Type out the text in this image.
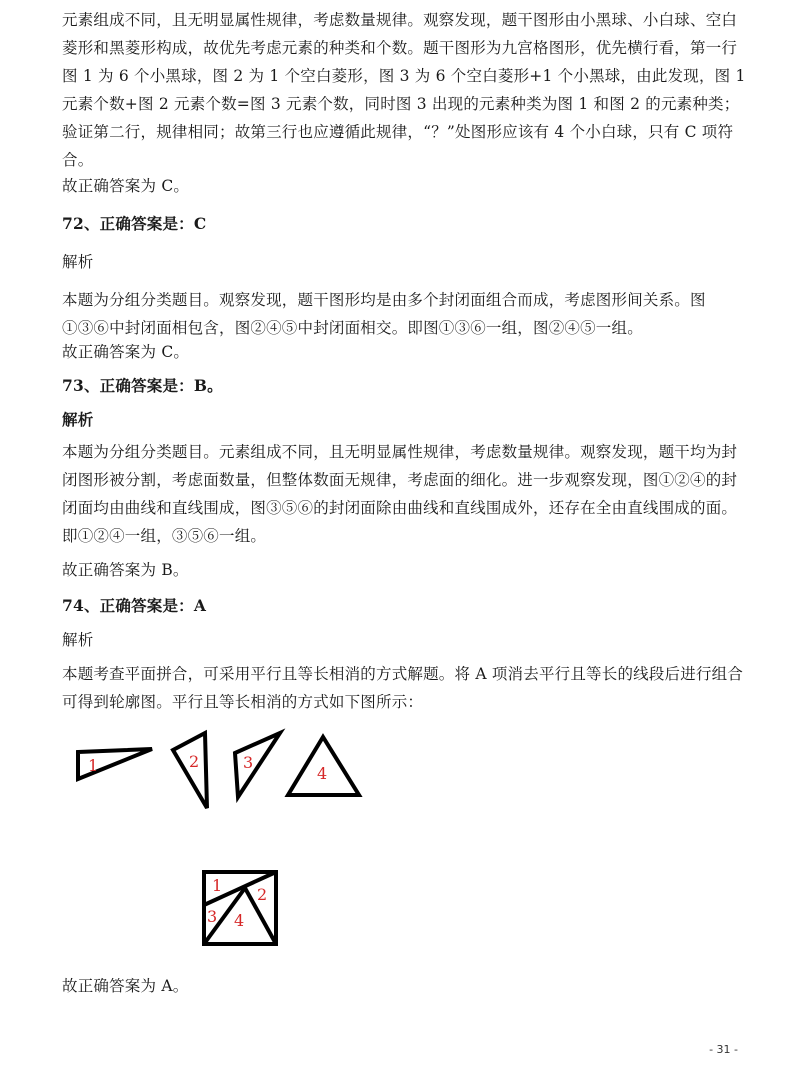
元素组成不同，且无明显属性规律，考虑数量规律。观察发现，题干图形由小黑球、小白球、空白菱形和黑菱形构成，故优先考虑元素的种类和个数。题干图形为九宫格图形，优先横行看，第一行图 1 为 6 个小黑球，图 2 为 1 个空白菱形，图 3 为 6 个空白菱形+1 个小黑球，由此发现，图 1 元素个数+图 2 元素个数=图 3 元素个数，同时图 3 出现的元素种类为图 1 和图 2 的元素种类；验证第二行，规律相同；故第三行也应遵循此规律，“？”处图形应该有 4 个小白球，只有 C 项符合。

故正确答案为 C。

72、正确答案是：C

解析

本题为分组分类题目。观察发现，题干图形均是由多个封闭面组合而成，考虑图形间关系。图①③⑥中封闭面相包含，图②④⑤中封闭面相交。即图①③⑥一组，图②④⑤一组。

故正确答案为 C。

73、正确答案是：B。

解析

本题为分组分类题目。元素组成不同，且无明显属性规律，考虑数量规律。观察发现，题干均为封闭图形被分割，考虑面数量，但整体数面无规律，考虑面的细化。进一步观察发现，图①②④的封闭面均由曲线和直线围成，图③⑤⑥的封闭面除由曲线和直线围成外，还存在全由直线围成的面。即①②④一组，③⑤⑥一组。

故正确答案为 B。

74、正确答案是：A

解析

本题考查平面拼合，可采用平行且等长相消的方式解题。将 A 项消去平行且等长的线段后进行组合可得到轮廓图。平行且等长相消的方式如下图所示：

故正确答案为 A。

1	2	3
4
1 2
3 4
- 31 -
